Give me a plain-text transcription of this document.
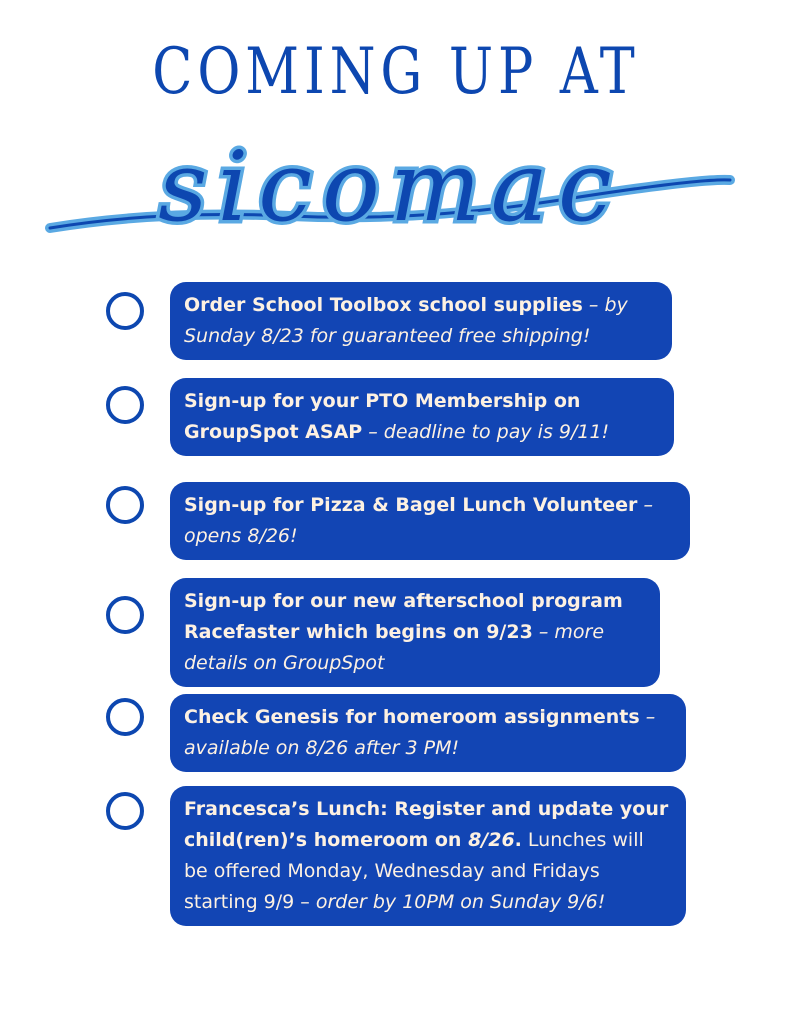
COMING UP AT
sicomac
Order School Toolbox school supplies – by Sunday 8/23 for guaranteed free shipping!
Sign-up for your PTO Membership on GroupSpot ASAP – deadline to pay is 9/11!
Sign-up for Pizza & Bagel Lunch Volunteer – opens 8/26!
Sign-up for our new afterschool program Racefaster which begins on 9/23 – more details on GroupSpot
Check Genesis for homeroom assignments – available on 8/26 after 3 PM!
Francesca’s Lunch: Register and update your child(ren)’s homeroom on 8/26. Lunches will be offered Monday, Wednesday and Fridays starting 9/9 – order by 10PM on Sunday 9/6!
